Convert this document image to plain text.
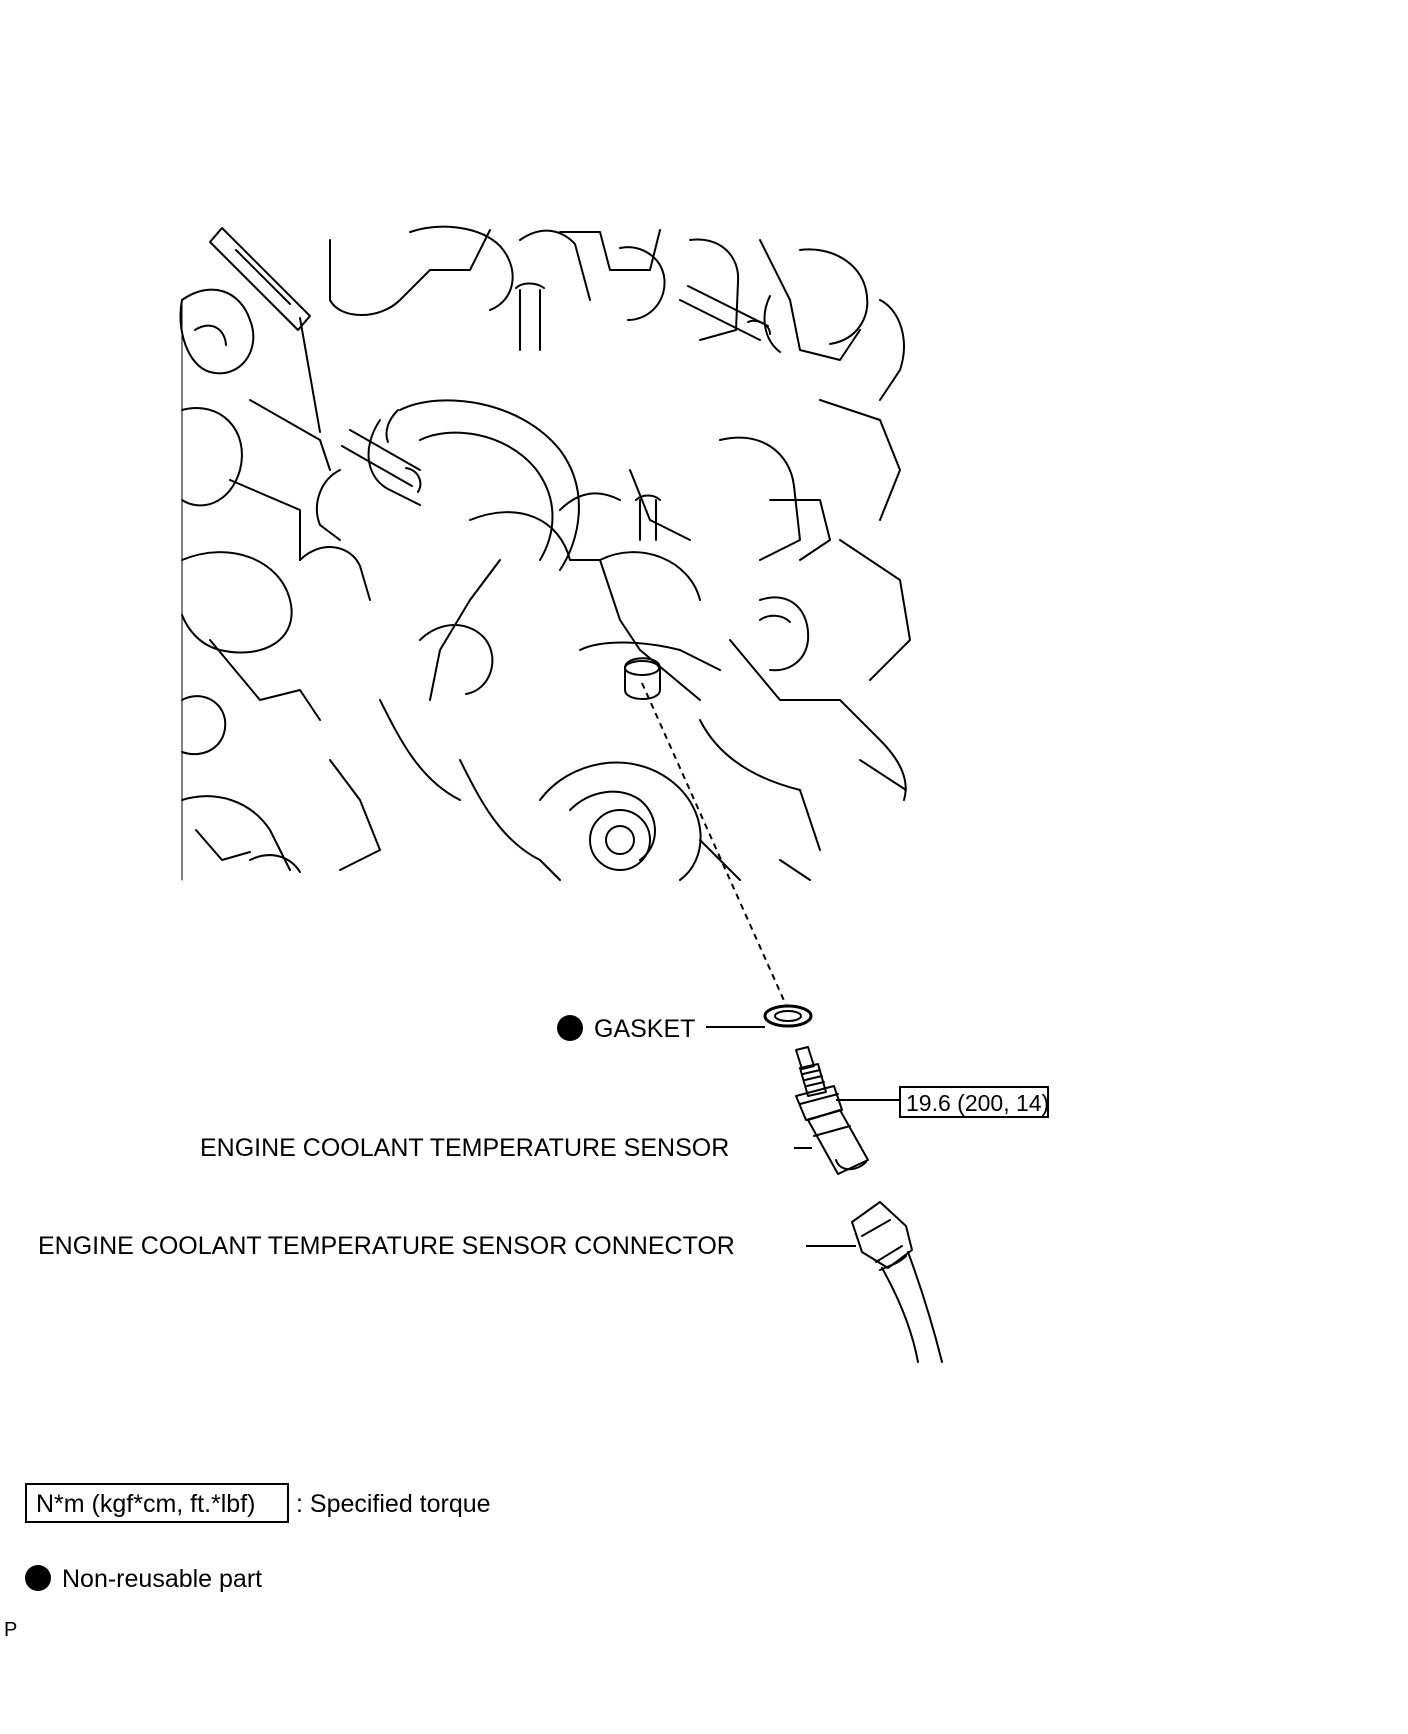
GASKET
19.6 (200, 14)
ENGINE COOLANT TEMPERATURE SENSOR
ENGINE COOLANT TEMPERATURE SENSOR CONNECTOR
N*m (kgf*cm, ft.*lbf) : Specified torque
Non-reusable part
P
